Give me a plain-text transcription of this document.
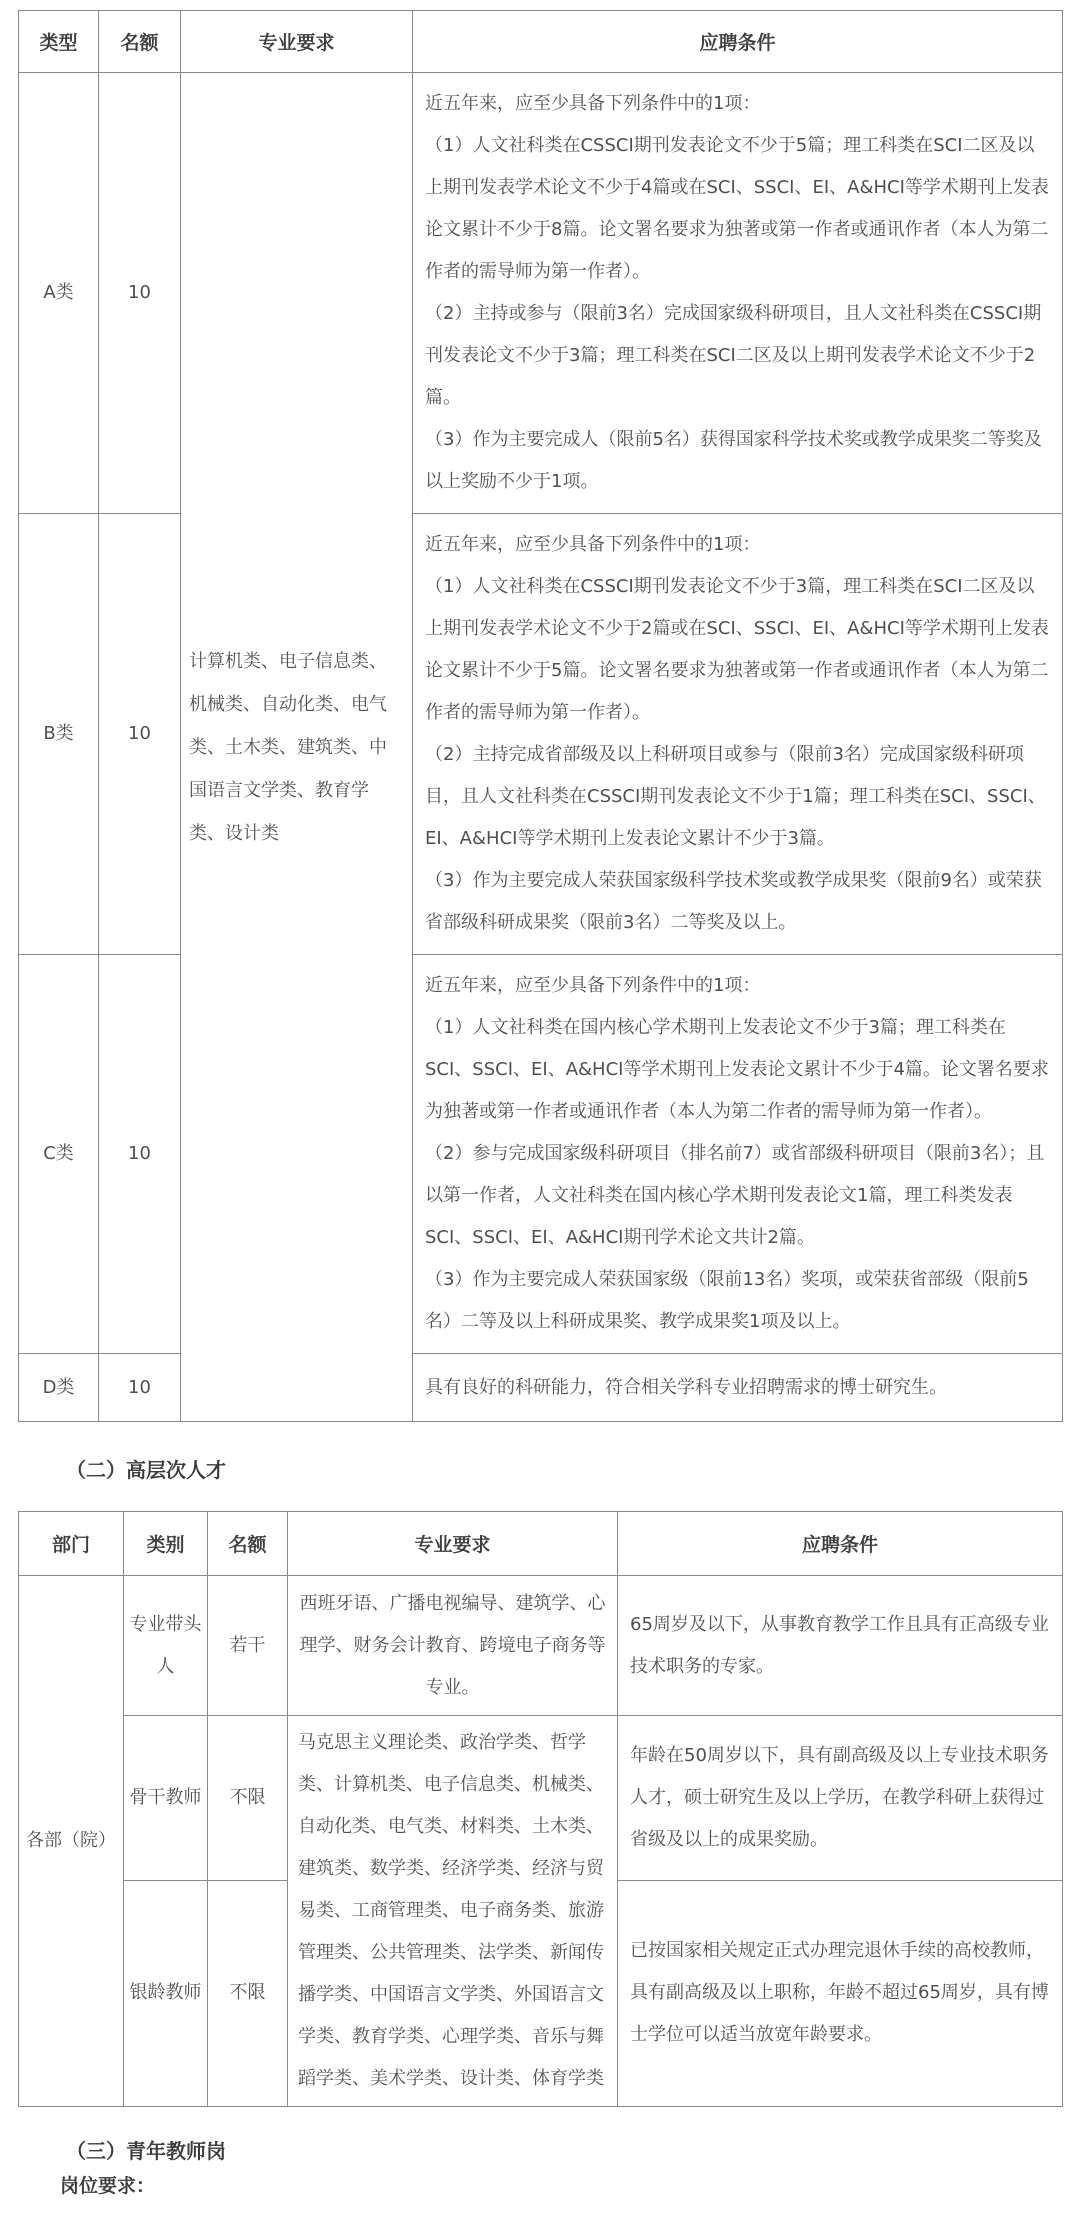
类型	名额	专业要求	应聘条件
A类	10	计算机类、电子信息类、机械类、自动化类、电气类、土木类、建筑类、中国语言文学类、教育学类、设计类	近五年来，应至少具备下列条件中的1项：

（1）人文社科类在CSSCI期刊发表论文不少于5篇；理工科类在SCI二区及以上期刊发表学术论文不少于4篇或在SCI、SSCI、EI、A&HCI等学术期刊上发表论文累计不少于8篇。论文署名要求为独著或第一作者或通讯作者（本人为第二作者的需导师为第一作者）。

（2）主持或参与（限前3名）完成国家级科研项目，且人文社科类在CSSCI期刊发表论文不少于3篇；理工科类在SCI二区及以上期刊发表学术论文不少于2篇。

（3）作为主要完成人（限前5名）获得国家科学技术奖或教学成果奖二等奖及以上奖励不少于1项。

B类	10		近五年来，应至少具备下列条件中的1项：

（1）人文社科类在CSSCI期刊发表论文不少于3篇，理工科类在SCI二区及以上期刊发表学术论文不少于2篇或在SCI、SSCI、EI、A&HCI等学术期刊上发表论文累计不少于5篇。论文署名要求为独著或第一作者或通讯作者（本人为第二作者的需导师为第一作者）。

（2）主持完成省部级及以上科研项目或参与（限前3名）完成国家级科研项目，且人文社科类在CSSCI期刊发表论文不少于1篇；理工科类在SCI、SSCI、EI、A&HCI等学术期刊上发表论文累计不少于3篇。

（3）作为主要完成人荣获国家级科学技术奖或教学成果奖（限前9名）或荣获省部级科研成果奖（限前3名）二等奖及以上。

C类	10		近五年来，应至少具备下列条件中的1项：

（1）人文社科类在国内核心学术期刊上发表论文不少于3篇；理工科类在SCI、SSCI、EI、A&HCI等学术期刊上发表论文累计不少于4篇。论文署名要求为独著或第一作者或通讯作者（本人为第二作者的需导师为第一作者）。

（2）参与完成国家级科研项目（排名前7）或省部级科研项目（限前3名）；且以第一作者，人文社科类在国内核心学术期刊发表论文1篇，理工科类发表SCI、SSCI、EI、A&HCI期刊学术论文共计2篇。

（3）作为主要完成人荣获国家级（限前13名）奖项，或荣获省部级（限前5名）二等及以上科研成果奖、教学成果奖1项及以上。

D类	10		具有良好的科研能力，符合相关学科专业招聘需求的博士研究生。

（二）高层次人才
部门	类别	名额	专业要求	应聘条件
各部（院）	专业带头人	若干	西班牙语、广播电视编导、建筑学、心理学、财务会计教育、跨境电子商务等专业。	65周岁及以下，从事教育教学工作且具有正高级专业技术职务的专家。
	骨干教师	不限	马克思主义理论类、政治学类、哲学类、计算机类、电子信息类、机械类、自动化类、电气类、材料类、土木类、建筑类、数学类、经济学类、经济与贸易类、工商管理类、电子商务类、旅游管理类、公共管理类、法学类、新闻传播学类、中国语言文学类、外国语言文学类、教育学类、心理学类、音乐与舞蹈学类、美术学类、设计类、体育学类	年龄在50周岁以下，具有副高级及以上专业技术职务人才，硕士研究生及以上学历，在教学科研上获得过省级及以上的成果奖励。
	银龄教师	不限		已按国家相关规定正式办理完退休手续的高校教师，具有副高级及以上职称，年龄不超过65周岁，具有博士学位可以适当放宽年龄要求。
（三）青年教师岗
岗位要求：
